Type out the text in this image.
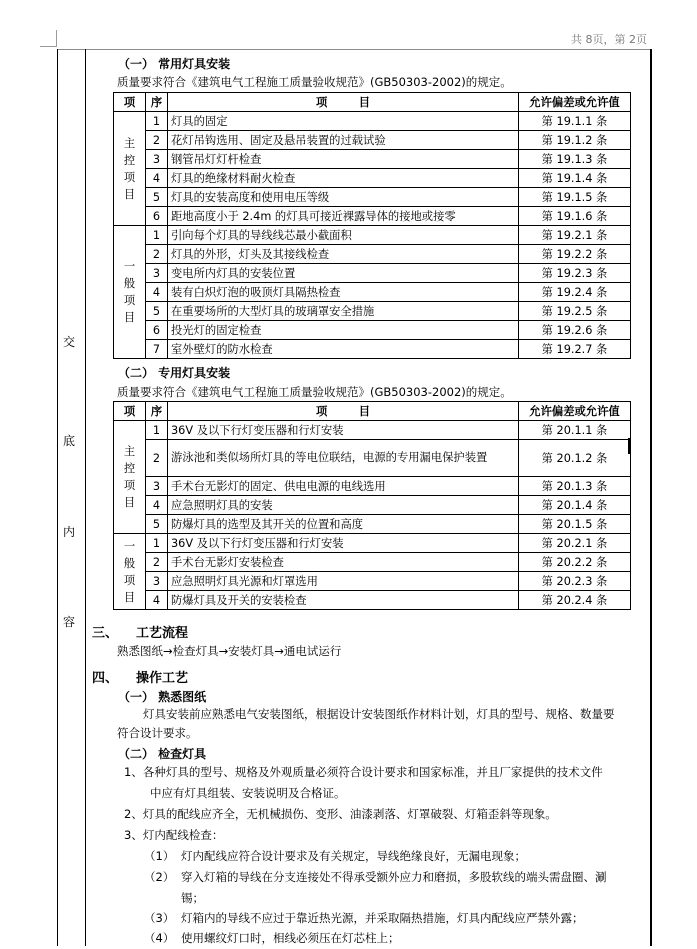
共 8页，第 2页
交
底
内
容
（一） 常用灯具安装
质量要求符合《建筑电气工程施工质量验收规范》(GB50303-2002)的规定。
项	序	项        目	允许偏差或允许值
主
控
项
目	1	灯具的固定	第 19.1.1 条
	2	花灯吊钩选用、固定及悬吊装置的过载试验	第 19.1.2 条
	3	钢管吊灯灯杆检查	第 19.1.3 条
	4	灯具的绝缘材料耐火检查	第 19.1.4 条
	5	灯具的安装高度和使用电压等级	第 19.1.5 条
	6	距地高度小于 2.4m 的灯具可接近裸露导体的接地或接零	第 19.1.6 条
一
般
项
目	1	引向每个灯具的导线线芯最小截面积	第 19.2.1 条
	2	灯具的外形，灯头及其接线检查	第 19.2.2 条
	3	变电所内灯具的安装位置	第 19.2.3 条
	4	装有白炽灯泡的吸顶灯具隔热检查	第 19.2.4 条
	5	在重要场所的大型灯具的玻璃罩安全措施	第 19.2.5 条
	6	投光灯的固定检查	第 19.2.6 条
	7	室外壁灯的防水检查	第 19.2.7 条
（二） 专用灯具安装
质量要求符合《建筑电气工程施工质量验收规范》(GB50303-2002)的规定。
项	序	项        目	允许偏差或允许值
主
控
项
目	1	36V 及以下行灯变压器和行灯安装	第 20.1.1 条
	2	游泳池和类似场所灯具的等电位联结，电源的专用漏电保护装置	第 20.1.2 条
	3	手术台无影灯的固定、供电电源的电线选用	第 20.1.3 条
	4	应急照明灯具的安装	第 20.1.4 条
	5	防爆灯具的选型及其开关的位置和高度	第 20.1.5 条
一
般
项
目	1	36V 及以下行灯变压器和行灯安装	第 20.2.1 条
	2	手术台无影灯安装检查	第 20.2.2 条
	3	应急照明灯具光源和灯罩选用	第 20.2.3 条
	4	防爆灯具及开关的安装检查	第 20.2.4 条
三、 工艺流程
熟悉图纸→检查灯具→安装灯具→通电试运行
四、 操作工艺
（一） 熟悉图纸
灯具安装前应熟悉电气安装图纸，根据设计安装图纸作材料计划，灯具的型号、规格、数量要
符合设计要求。
（二） 检查灯具
1、各种灯具的型号、规格及外观质量必须符合设计要求和国家标准，并且厂家提供的技术文件
中应有灯具组装、安装说明及合格证。
2、灯具的配线应齐全，无机械损伤、变形、油漆剥落、灯罩破裂、灯箱歪斜等现象。
3、灯内配线检查：
（1） 灯内配线应符合设计要求及有关规定，导线绝缘良好，无漏电现象；
（2） 穿入灯箱的导线在分支连接处不得承受额外应力和磨损，多股软线的端头需盘圈、涮
锡；
（3） 灯箱内的导线不应过于靠近热光源，并采取隔热措施，灯具内配线应严禁外露；
（4） 使用螺纹灯口时，相线必须压在灯芯柱上；
